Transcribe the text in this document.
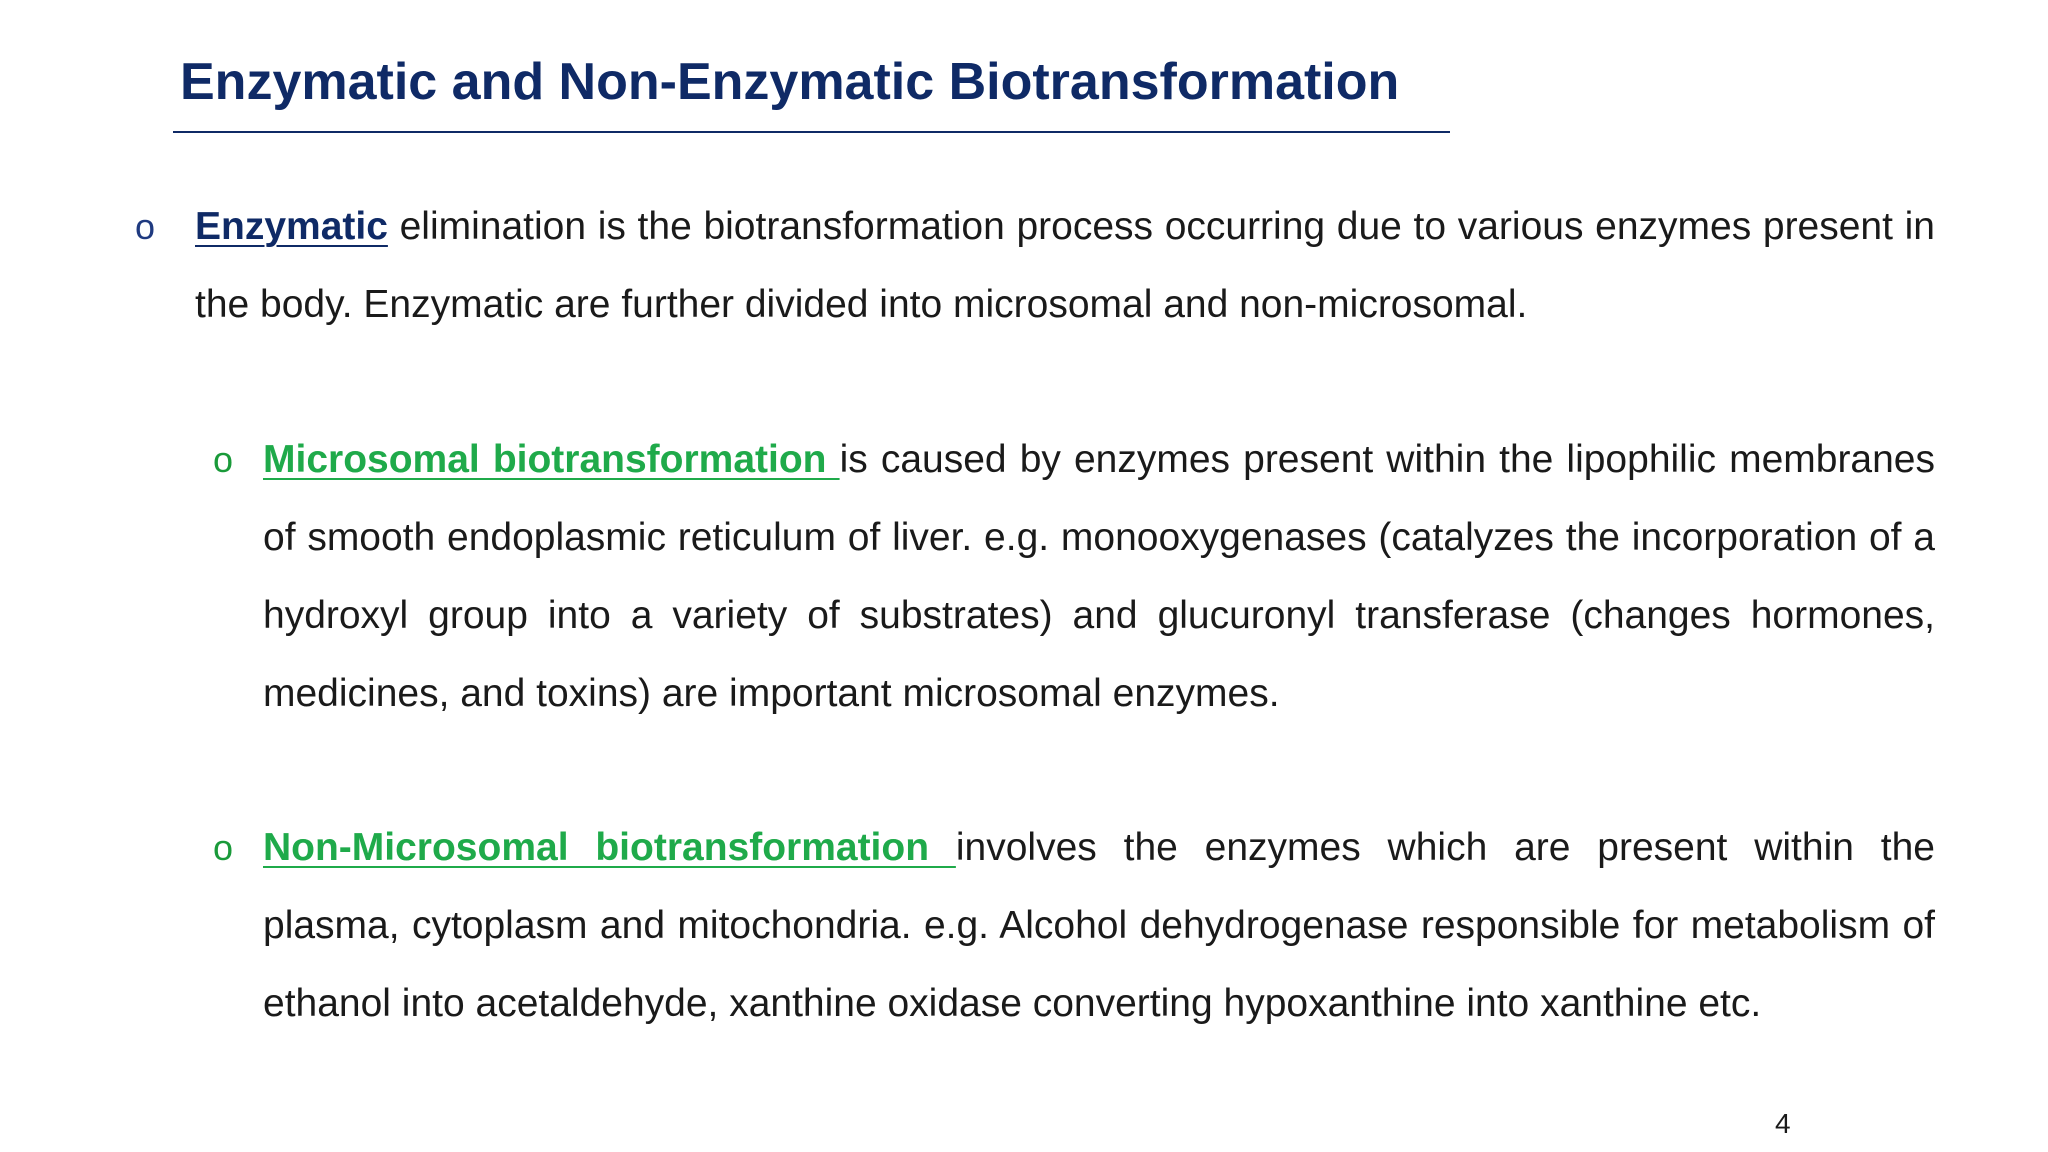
Enzymatic and Non-Enzymatic Biotransformation
o Enzymatic elimination is the biotransformation process occurring due to various enzymes present in the body. Enzymatic are further divided into microsomal and non-microsomal.
o Microsomal biotransformation is caused by enzymes present within the lipophilic membranes of smooth endoplasmic reticulum of liver. e.g. monooxygenases (catalyzes the incorporation of a hydroxyl group into a variety of substrates) and glucuronyl transferase (changes hormones, medicines, and toxins) are important microsomal enzymes.
o Non-Microsomal biotransformation involves the enzymes which are present within the plasma, cytoplasm and mitochondria. e.g. Alcohol dehydrogenase responsible for metabolism of ethanol into acetaldehyde, xanthine oxidase converting hypoxanthine into xanthine etc.
4
